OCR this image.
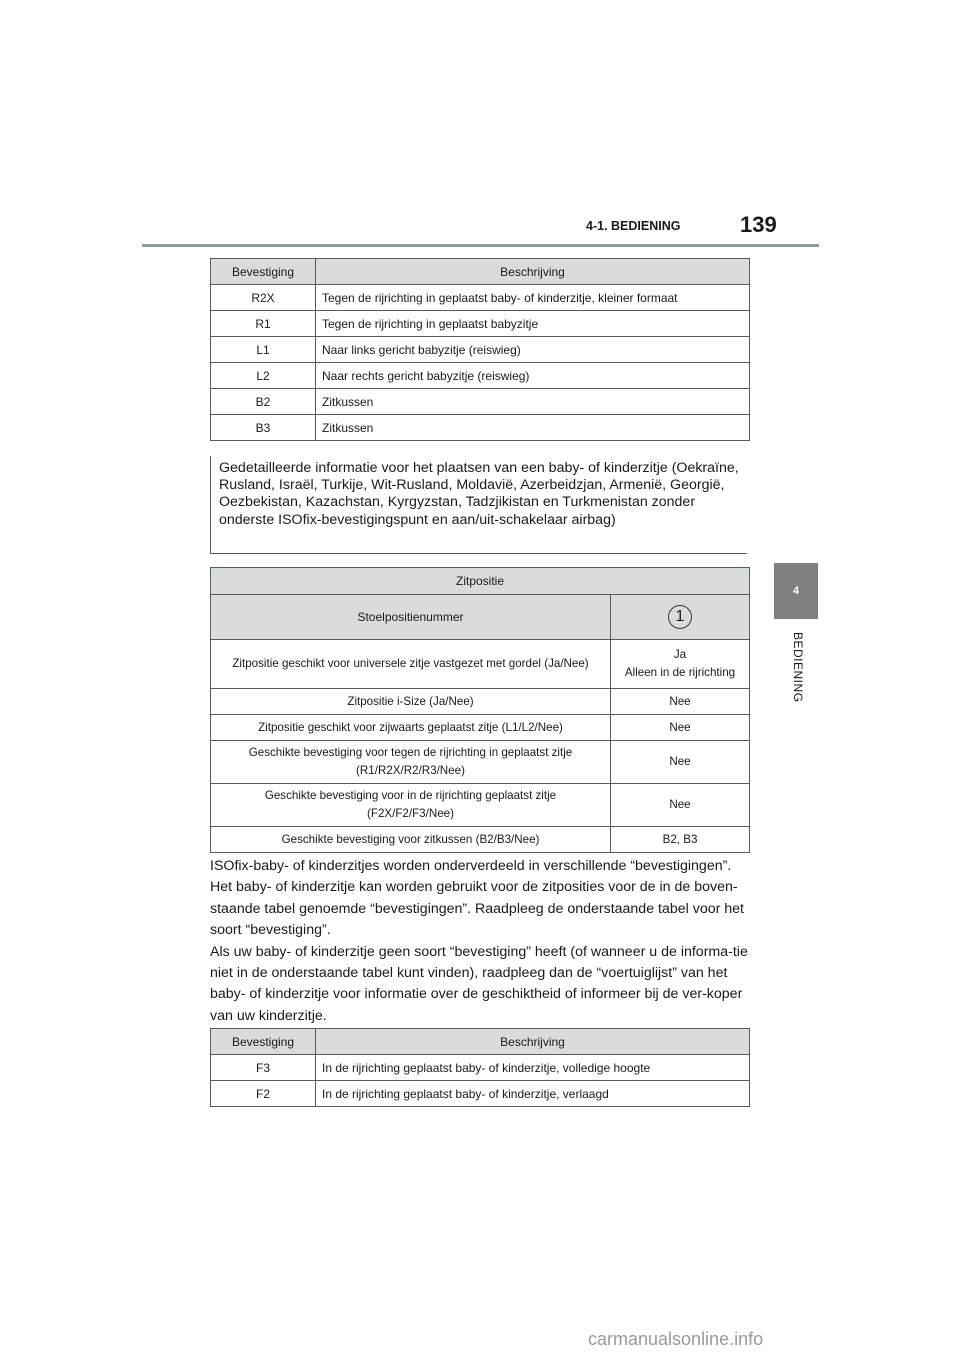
4-1. BEDIENING	139
4
BEDIENING
Bevestiging	Beschrijving
R2X	Tegen de rijrichting in geplaatst baby- of kinderzitje, kleiner formaat
R1	Tegen de rijrichting in geplaatst babyzitje
L1	Naar links gericht babyzitje (reiswieg)
L2	Naar rechts gericht babyzitje (reiswieg)
B2	Zitkussen
B3	Zitkussen
Gedetailleerde informatie voor het plaatsen van een baby- of kinderzitje (Oekraïne, Rusland, Israël, Turkije, Wit-Rusland, Moldavië, Azerbeidzjan, Armenië, Georgië, Oezbekistan, Kazachstan, Kyrgyzstan, Tadzjikistan en Turkmenistan zonder onderste ISOfix-bevestigingspunt en aan/uit-schakelaar airbag)
Zitpositie	
Stoelpositienummer	1
Zitpositie geschikt voor universele zitje vastgezet met gordel (Ja/Nee)	Ja
Alleen in de rijrichting

Zitpositie i-Size (Ja/Nee)	Nee
Zitpositie geschikt voor zijwaarts geplaatst zitje (L1/L2/Nee)	Nee

Geschikte bevestiging voor tegen de rijrichting in geplaatst zitje
(R1/R2X/R2/R3/Nee)	Nee

Geschikte bevestiging voor in de rijrichting geplaatst zitje
(F2X/F2/F3/Nee)	Nee
Geschikte bevestiging voor zitkussen (B2/B3/Nee)	B2, B3
ISOfix-baby- of kinderzitjes worden onderverdeeld in verschillende “bevestigingen”. Het baby- of kinderzitje kan worden gebruikt voor de zitposities voor de in de boven-staande tabel genoemde “bevestigingen”. Raadpleeg de onderstaande tabel voor het soort “bevestiging”.
Als uw baby- of kinderzitje geen soort “bevestiging” heeft (of wanneer u de informa-tie niet in de onderstaande tabel kunt vinden), raadpleeg dan de “voertuiglijst” van het baby- of kinderzitje voor informatie over de geschiktheid of informeer bij de ver-koper van uw kinderzitje.
Bevestiging	Beschrijving
F3	In de rijrichting geplaatst baby- of kinderzitje, volledige hoogte
F2	In de rijrichting geplaatst baby- of kinderzitje, verlaagd
carmanualsonline.info
